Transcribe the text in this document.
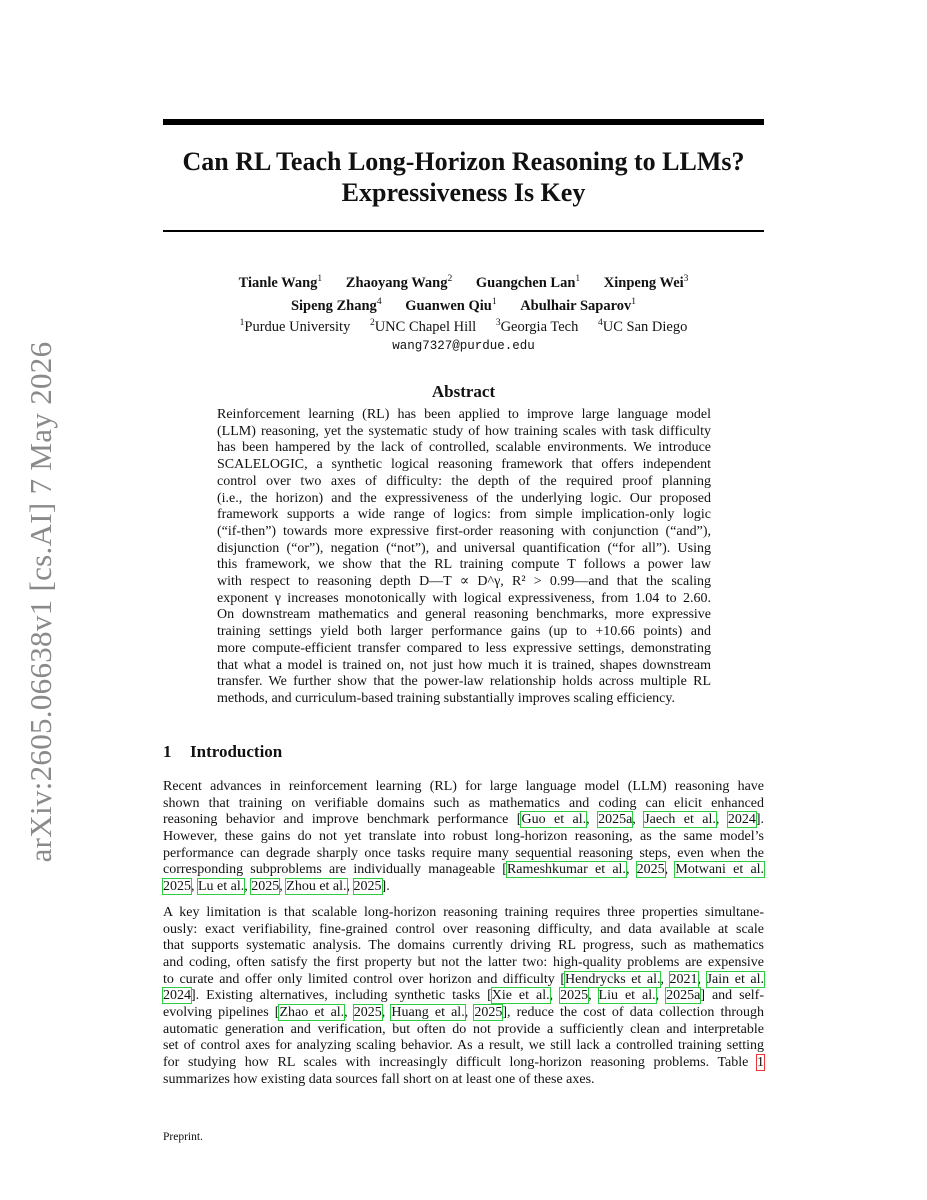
arXiv:2605.06638v1 [cs.AI] 7 May 2026
Can RL Teach Long-Horizon Reasoning to LLMs?
Expressiveness Is Key
Tianle Wang$^1$ Zhaoyang Wang$^2$ Guangchen Lan$^1$ Xinpeng Wei$^3$
Sipeng Zhang$^4$ Guanwen Qiu$^1$ Abulhair Saparov$^1$
$^1$Purdue University $^2$UNC Chapel Hill $^3$Georgia Tech $^4$UC San Diego
wang7327@purdue.edu
Abstract

Reinforcement learning (RL) has been applied to improve large language model
(LLM) reasoning, yet the systematic study of how training scales with task difficulty
has been hampered by the lack of controlled, scalable environments. We introduce
SCALELOGIC, a synthetic logical reasoning framework that offers independent
control over two axes of difficulty: the depth of the required proof planning
(i.e., the horizon) and the expressiveness of the underlying logic. Our proposed
framework supports a wide range of logics: from simple implication-only logic
(“if-then”) towards more expressive first-order reasoning with conjunction (“and”),
disjunction (“or”), negation (“not”), and universal quantification (“for all”). Using
this framework, we show that the RL training compute T follows a power law
with respect to reasoning depth D—T ∝ D^γ, R² > 0.99—and that the scaling
exponent γ increases monotonically with logical expressiveness, from 1.04 to 2.60.
On downstream mathematics and general reasoning benchmarks, more expressive
training settings yield both larger performance gains (up to +10.66 points) and
more compute-efficient transfer compared to less expressive settings, demonstrating
that what a model is trained on, not just how much it is trained, shapes downstream
transfer. We further show that the power-law relationship holds across multiple RL
methods, and curriculum-based training substantially improves scaling efficiency.

1 Introduction

Recent advances in reinforcement learning (RL) for large language model (LLM) reasoning have
shown that training on verifiable domains such as mathematics and coding can elicit enhanced
reasoning behavior and improve benchmark performance [Guo et al., 2025a, Jaech et al., 2024].
However, these gains do not yet translate into robust long-horizon reasoning, as the same model’s
performance can degrade sharply once tasks require many sequential reasoning steps, even when the
corresponding subproblems are individually manageable [Rameshkumar et al., 2025, Motwani et al.
2025, Lu et al., 2025, Zhou et al., 2025].

A key limitation is that scalable long-horizon reasoning training requires three properties simultane-
ously: exact verifiability, fine-grained control over reasoning difficulty, and data available at scale
that supports systematic analysis. The domains currently driving RL progress, such as mathematics
and coding, often satisfy the first property but not the latter two: high-quality problems are expensive
to curate and offer only limited control over horizon and difficulty [Hendrycks et al., 2021, Jain et al.
2024]. Existing alternatives, including synthetic tasks [Xie et al., 2025, Liu et al., 2025a] and self-
evolving pipelines [Zhao et al., 2025, Huang et al., 2025], reduce the cost of data collection through
automatic generation and verification, but often do not provide a sufficiently clean and interpretable
set of control axes for analyzing scaling behavior. As a result, we still lack a controlled training setting
for studying how RL scales with increasingly difficult long-horizon reasoning problems. Table 1
summarizes how existing data sources fall short on at least one of these axes.

Preprint.
